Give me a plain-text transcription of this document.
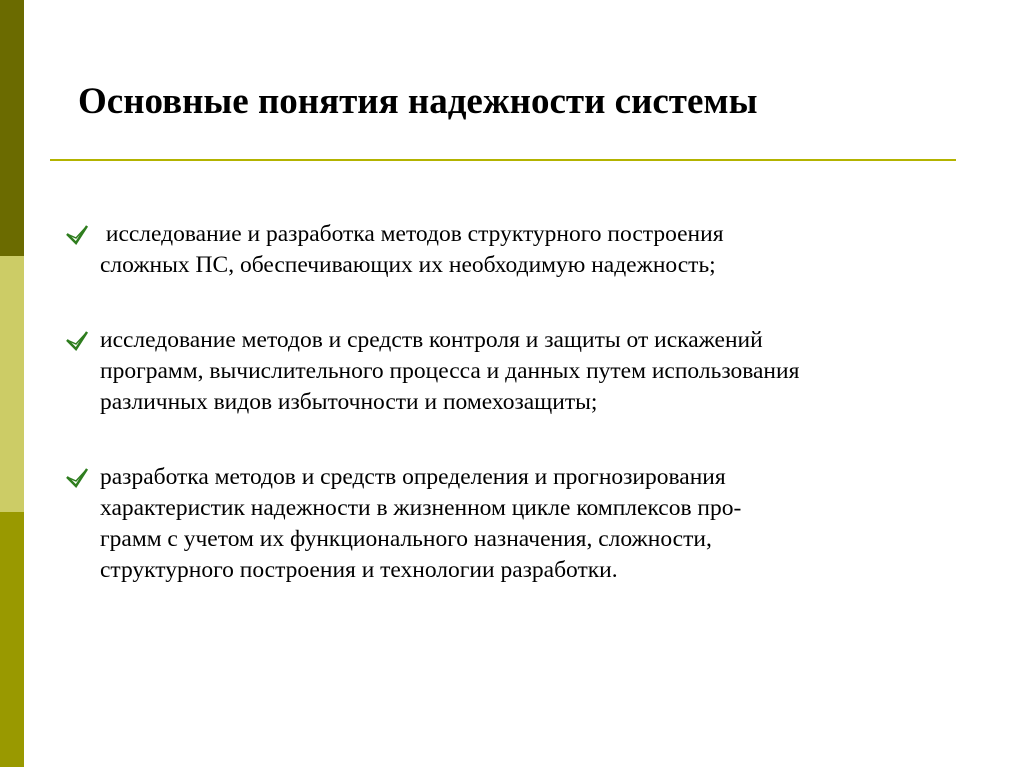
Основные понятия надежности системы
исследование и разработка методов структурного построения
сложных ПС, обеспечивающих их необходимую надежность;
исследование методов и средств контроля и защиты от искажений
программ, вычислительного процесса и данных путем использования
различных видов избыточности и помехозащиты;
разработка методов и средств определения и прогнозирования
характеристик надежности в жизненном цикле комплексов про-
грамм с учетом их функционального назначения, сложности,
структурного построения и технологии разработки.
